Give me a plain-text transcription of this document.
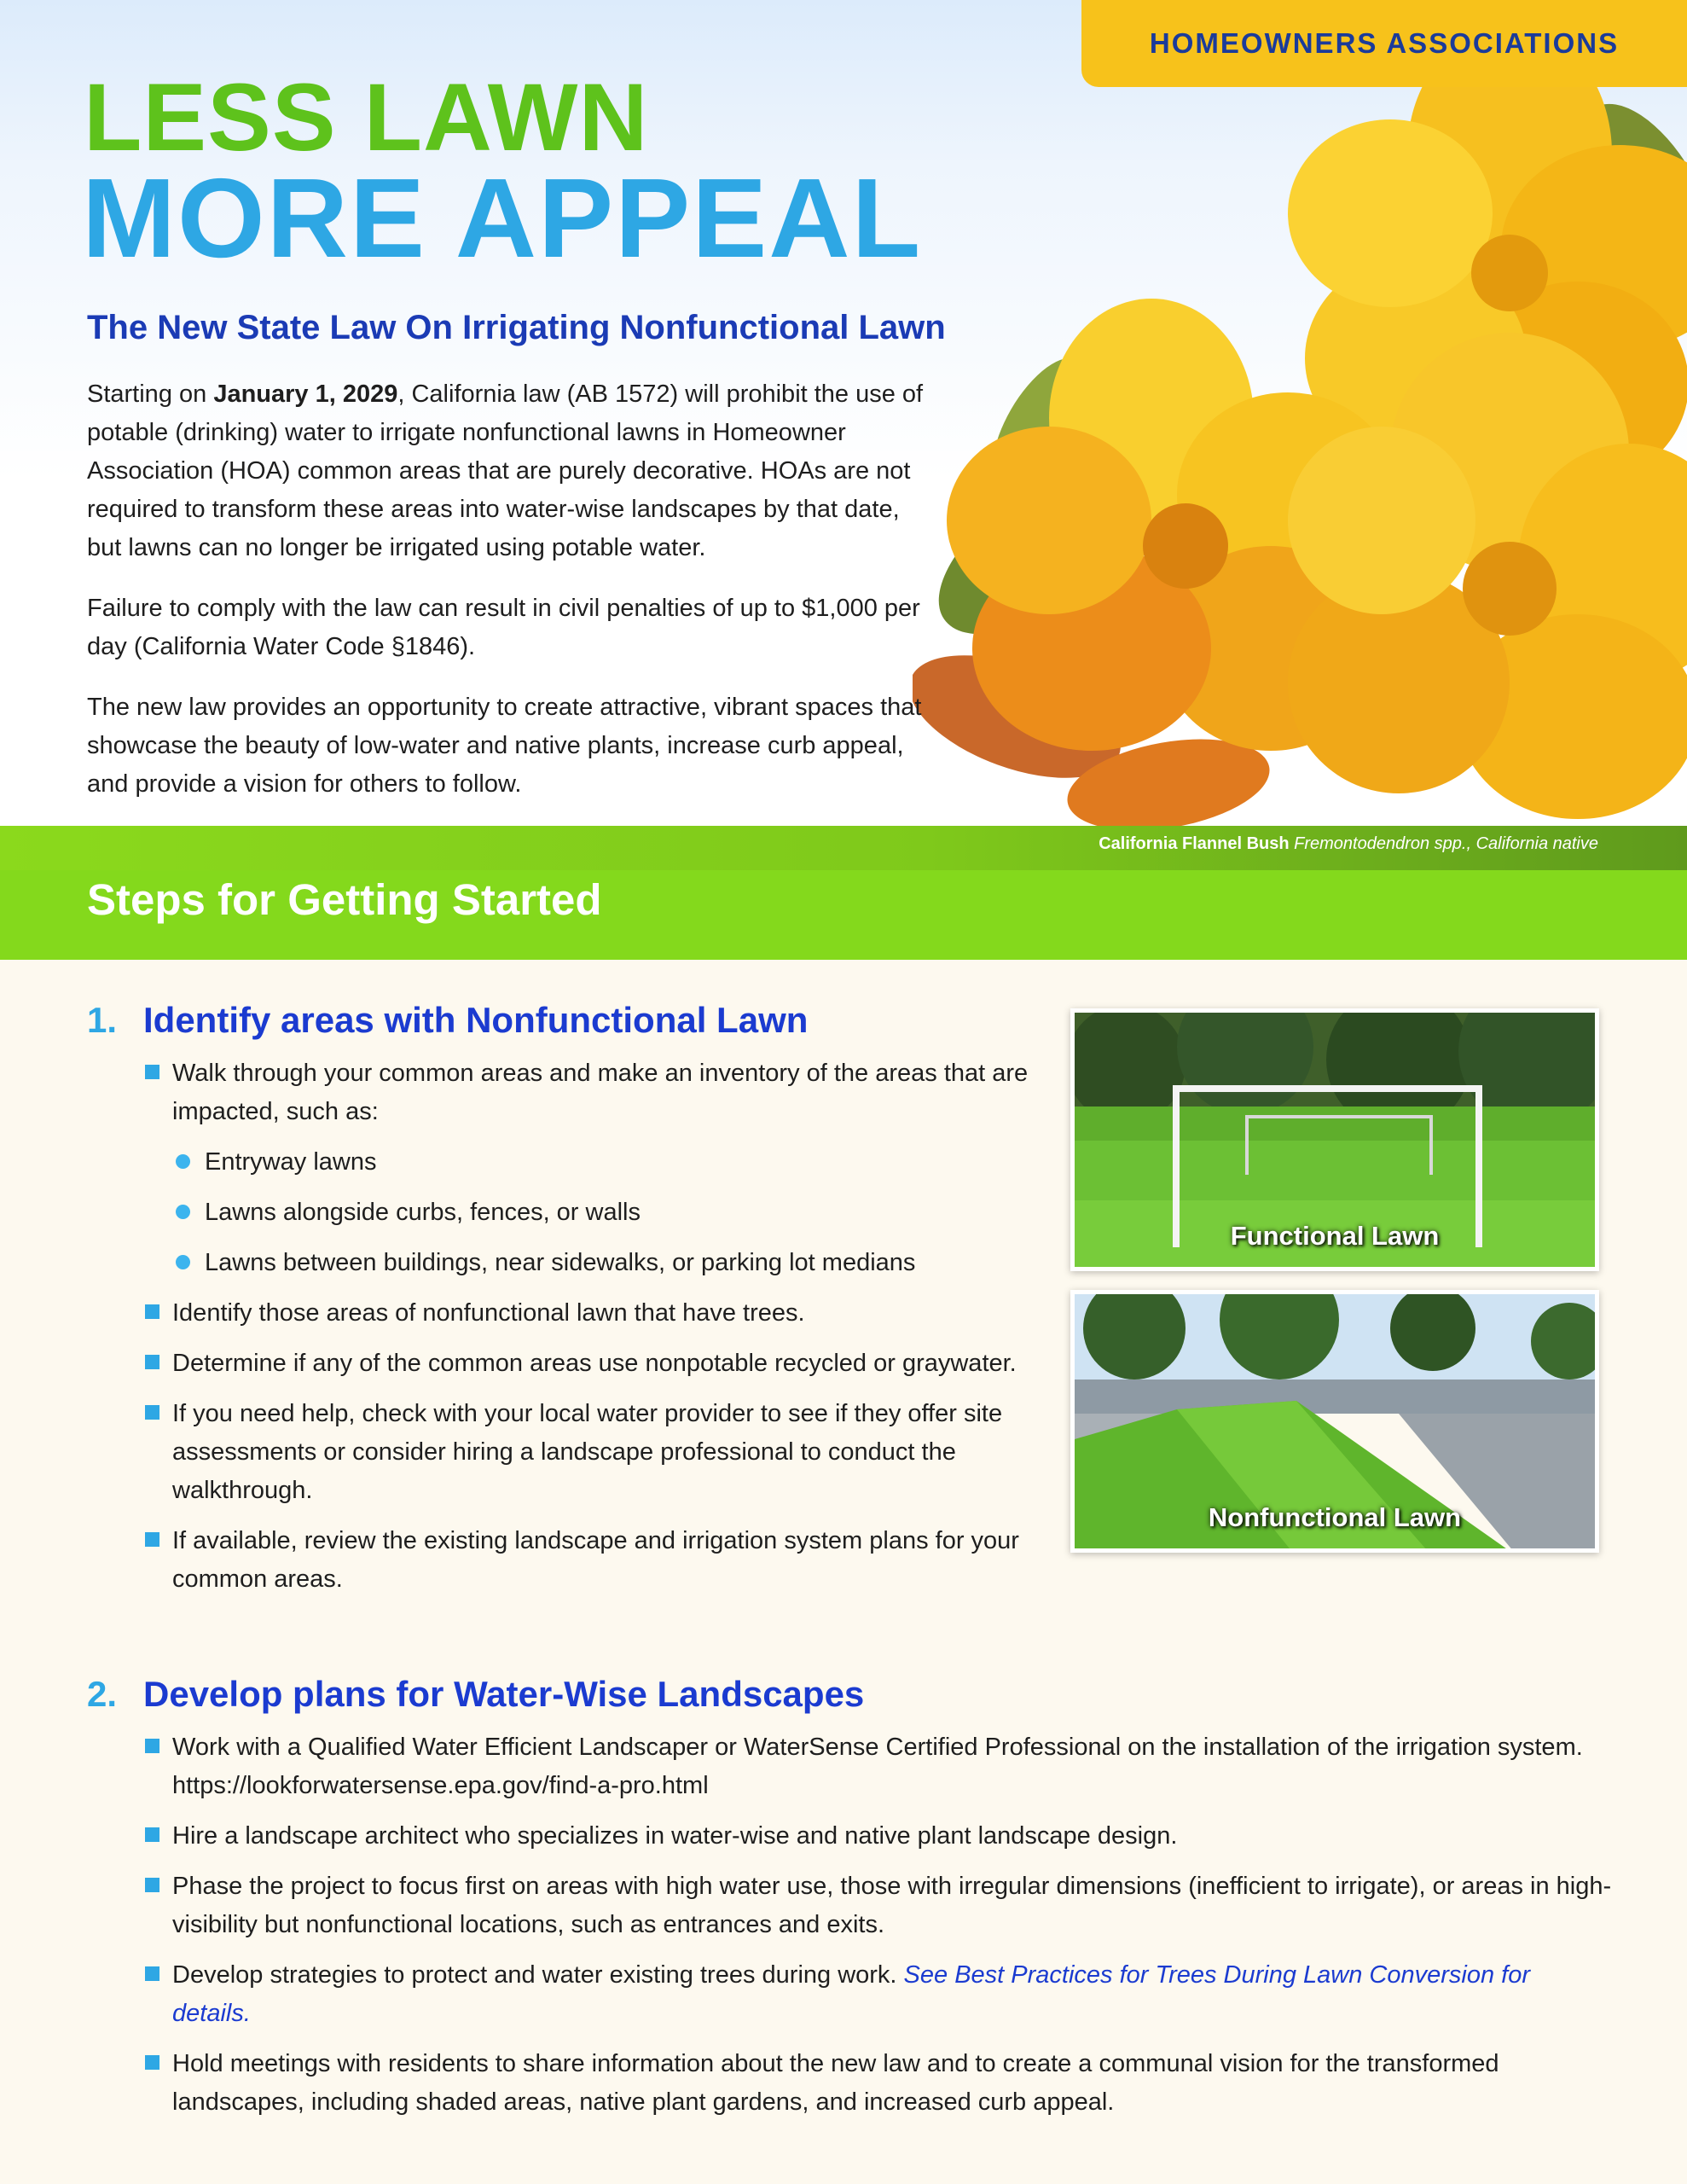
HOMEOWNERS ASSOCIATIONS
LESS LAWN
MORE APPEAL
The New State Law On Irrigating Nonfunctional Lawn

Starting on January 1, 2029, California law (AB 1572) will prohibit the use of potable (drinking) water to irrigate nonfunctional lawns in Homeowner Association (HOA) common areas that are purely decorative. HOAs are not required to transform these areas into water-wise landscapes by that date, but lawns can no longer be irrigated using potable water.

Failure to comply with the law can result in civil penalties of up to $1,000 per day (California Water Code §1846).

The new law provides an opportunity to create attractive, vibrant spaces that showcase the beauty of low-water and native plants, increase curb appeal, and provide a vision for others to follow.

California Flannel Bush Fremontodendron spp., California native
Steps for Getting Started
1. Identify areas with Nonfunctional Lawn
Walk through your common areas and make an inventory of the areas that are impacted, such as:
Entryway lawns
Lawns alongside curbs, fences, or walls
Lawns between buildings, near sidewalks, or parking lot medians
Identify those areas of nonfunctional lawn that have trees.
Determine if any of the common areas use nonpotable recycled or graywater.
If you need help, check with your local water provider to see if they offer site assessments or consider hiring a landscape professional to conduct the walkthrough.
If available, review the existing landscape and irrigation system plans for your common areas.
Functional Lawn
Nonfunctional Lawn
2. Develop plans for Water-Wise Landscapes
Work with a Qualified Water Efficient Landscaper or WaterSense Certified Professional on the installation of the irrigation system. https://lookforwatersense.epa.gov/find-a-pro.html
Hire a landscape architect who specializes in water-wise and native plant landscape design.
Phase the project to focus first on areas with high water use, those with irregular dimensions (inefficient to irrigate), or areas in high-visibility but nonfunctional locations, such as entrances and exits.
Develop strategies to protect and water existing trees during work. See Best Practices for Trees During Lawn Conversion for details.
Hold meetings with residents to share information about the new law and to create a communal vision for the transformed landscapes, including shaded areas, native plant gardens, and increased curb appeal.
